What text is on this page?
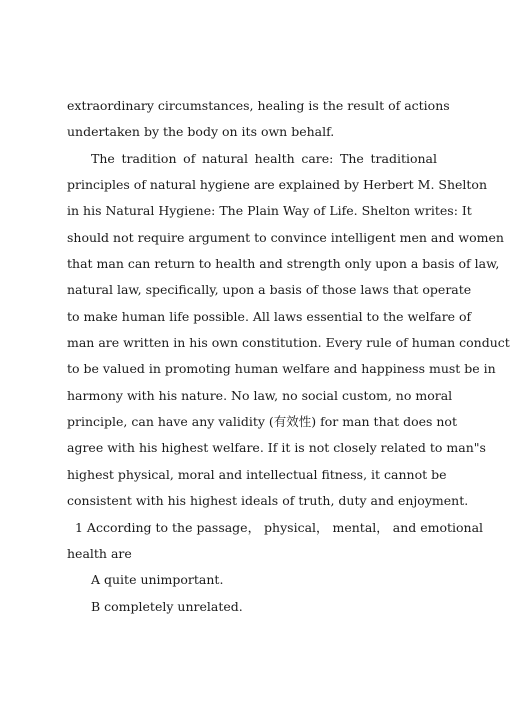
extraordinary circumstances, healing is the result of actions
undertaken by the body on its own behalf.
The tradition of natural health care: The traditional
principles of natural hygiene are explained by Herbert M. Shelton
in his Natural Hygiene: The Plain Way of Life. Shelton writes: It
should not require argument to convince intelligent men and women
that man can return to health and strength only upon a basis of law,
natural law, specifically, upon a basis of those laws that operate
to make human life possible. All laws essential to the welfare of
man are written in his own constitution. Every rule of human conduct
to be valued in promoting human welfare and happiness must be in
harmony with his nature. No law, no social custom, no moral
principle, can have any validity (有效性) for man that does not
agree with his highest welfare. If it is not closely related to man"s
highest physical, moral and intellectual fitness, it cannot be
consistent with his highest ideals of truth, duty and enjoyment.
1 According to the passage， physical， mental， and emotional
health are
A quite unimportant.
B completely unrelated.
